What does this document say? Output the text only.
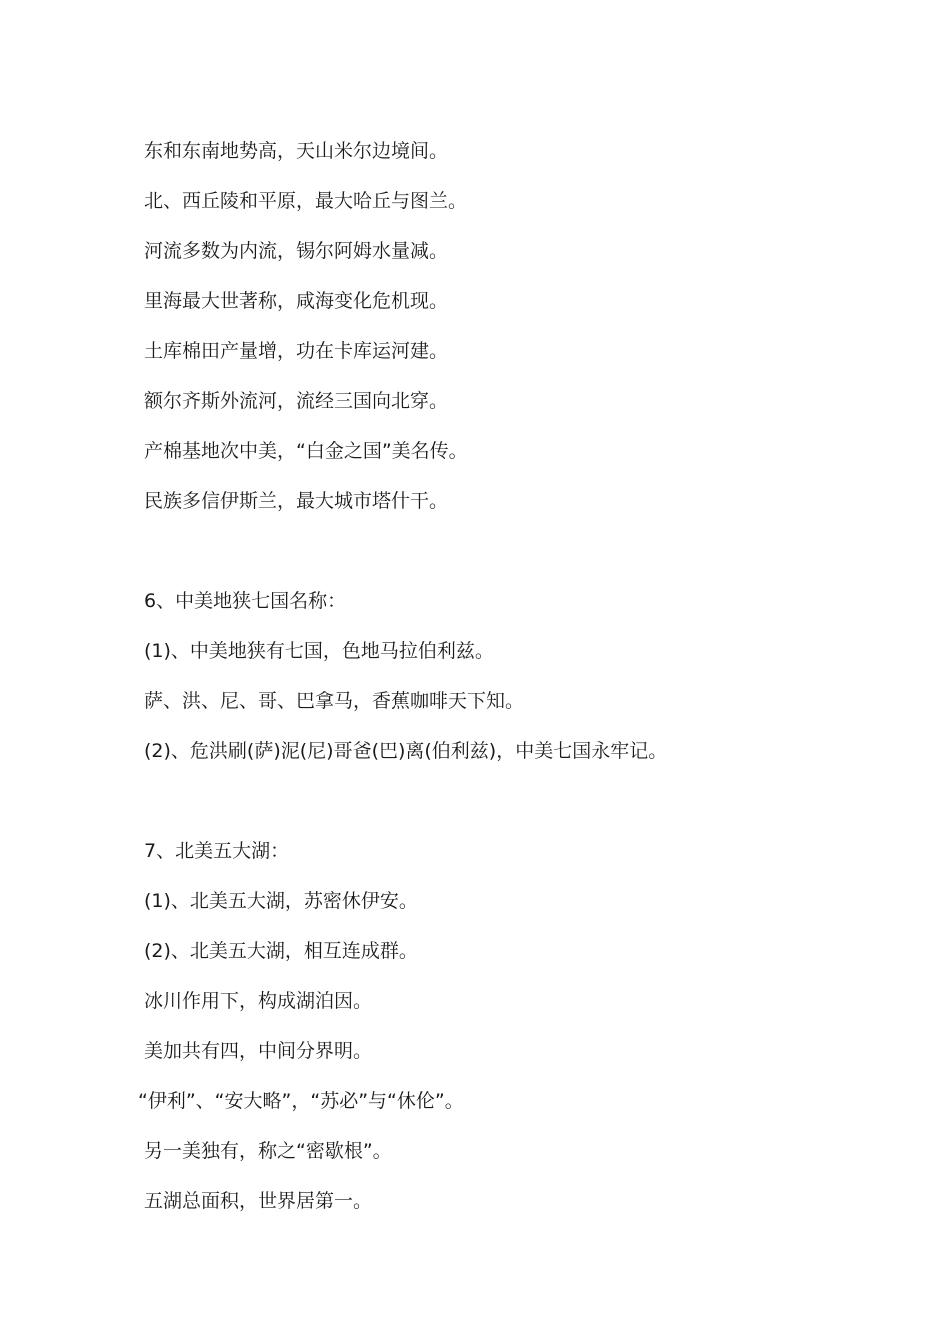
东和东南地势高，天山米尔边境间。
北、西丘陵和平原，最大哈丘与图兰。
河流多数为内流，锡尔阿姆水量减。
里海最大世著称，咸海变化危机现。
土库棉田产量增，功在卡库运河建。
额尔齐斯外流河，流经三国向北穿。
产棉基地次中美，“白金之国”美名传。
民族多信伊斯兰，最大城市塔什干。
6、中美地狭七国名称：
(1)、中美地狭有七国，色地马拉伯利兹。
萨、洪、尼、哥、巴拿马，香蕉咖啡天下知。
(2)、危洪刷(萨)泥(尼)哥爸(巴)离(伯利兹)，中美七国永牢记。
7、北美五大湖：
(1)、北美五大湖，苏密休伊安。
(2)、北美五大湖，相互连成群。
冰川作用下，构成湖泊因。
美加共有四，中间分界明。
“伊利”、“安大略”，“苏必”与“休伦”。
另一美独有，称之“密歇根”。
五湖总面积，世界居第一。
